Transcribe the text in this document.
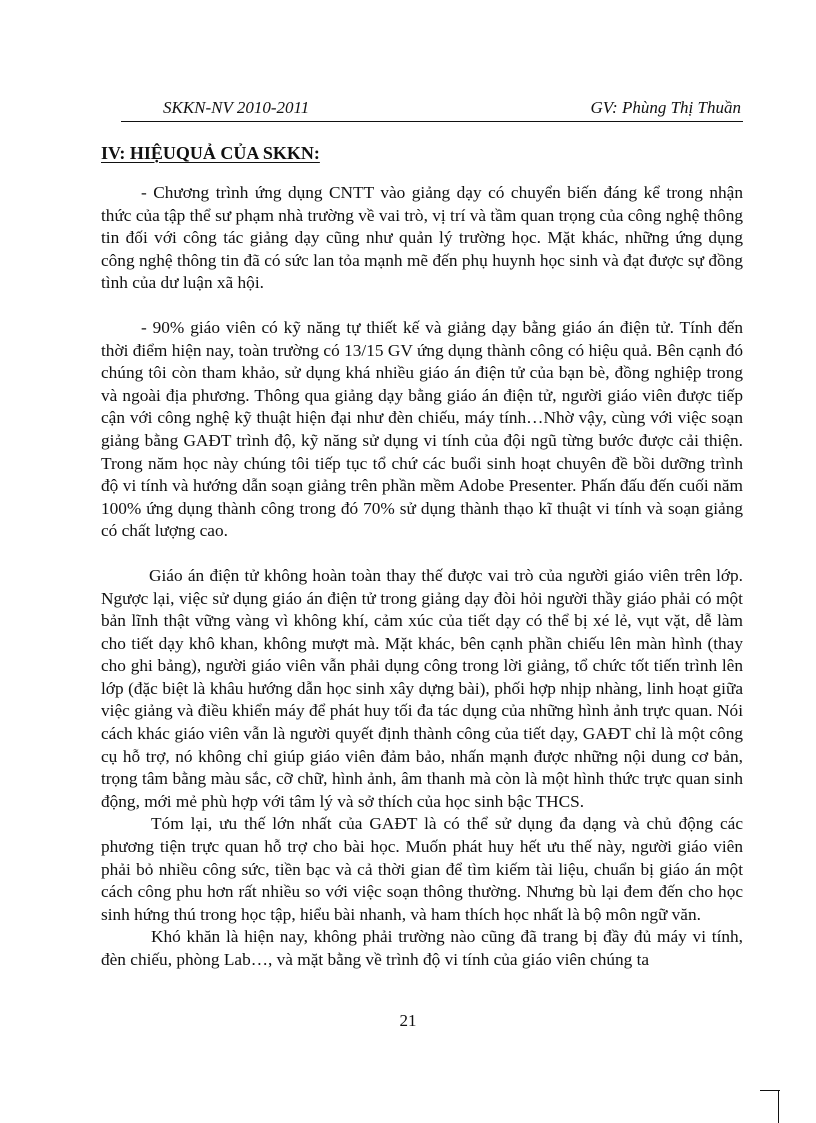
SKKN-NV 2010-2011	GV: Phùng Thị Thuần
IV: HIỆUQUẢ CỦA SKKN:

- Chương trình ứng dụng CNTT vào giảng dạy có chuyển biến đáng kể trong nhận thức của tập thể sư phạm nhà trường về vai trò, vị trí và tầm quan trọng của công nghệ thông tin đối với công tác giảng dạy cũng như quản lý trường học. Mặt khác, những ứng dụng công nghệ thông tin đã có sức lan tỏa mạnh mẽ đến phụ huynh học sinh và đạt được sự đồng tình của dư luận xã hội.

- 90% giáo viên có kỹ năng tự thiết kế và giảng dạy bằng giáo án điện tử. Tính đến thời điểm hiện nay, toàn trường có 13/15 GV ứng dụng thành công có hiệu quả. Bên cạnh đó chúng tôi còn tham khảo, sử dụng khá nhiều giáo án điện tử của bạn bè, đồng nghiệp trong và ngoài địa phương. Thông qua giảng dạy bằng giáo án điện tử, người giáo viên được tiếp cận với công nghệ kỹ thuật hiện đại như đèn chiếu, máy tính…Nhờ vậy, cùng với việc soạn giảng bằng GAĐT trình độ, kỹ năng sử dụng vi tính của đội ngũ từng bước được cải thiện. Trong năm học này chúng tôi tiếp tục tổ chứ các buổi sinh hoạt chuyên đề bồi dưỡng trình độ vi tính và hướng dẫn soạn giảng trên phần mềm Adobe Presenter. Phấn đấu đến cuối năm 100% ứng dụng thành công trong đó 70% sử dụng thành thạo kĩ thuật vi tính và soạn giảng có chất lượng cao.

Giáo án điện tử không hoàn toàn thay thế được vai trò của người giáo viên trên lớp. Ngược lại, việc sử dụng giáo án điện tử trong giảng dạy đòi hỏi người thầy giáo phải có một bản lĩnh thật vững vàng vì không khí, cảm xúc của tiết dạy có thể bị xé lẻ, vụt vặt, dễ làm cho tiết dạy khô khan, không mượt mà. Mặt khác, bên cạnh phần chiếu lên màn hình (thay cho ghi bảng), người giáo viên vẫn phải dụng công trong lời giảng, tổ chức tốt tiến trình lên lớp (đặc biệt là khâu hướng dẫn học sinh xây dựng bài), phối hợp nhịp nhàng, linh hoạt giữa việc giảng và điều khiển máy để phát huy tối đa tác dụng của những hình ảnh trực quan. Nói cách khác giáo viên vẫn là người quyết định thành công của tiết dạy, GAĐT chỉ là một công cụ hỗ trợ, nó không chỉ giúp giáo viên đảm bảo, nhấn mạnh được những nội dung cơ bản, trọng tâm bằng màu sắc, cỡ chữ, hình ảnh, âm thanh mà còn là một hình thức trực quan sinh động, mới mẻ phù hợp với tâm lý và sở thích của học sinh bậc THCS.

Tóm lại, ưu thế lớn nhất của GAĐT là có thể sử dụng đa dạng và chủ động các phương tiện trực quan hỗ trợ cho bài học. Muốn phát huy hết ưu thế này, người giáo viên phải bỏ nhiều công sức, tiền bạc và cả thời gian để tìm kiếm tài liệu, chuẩn bị giáo án một cách công phu hơn rất nhiều so với việc soạn thông thường. Nhưng bù lại đem đến cho học sinh hứng thú trong học tập, hiểu bài nhanh, và ham thích học nhất là bộ môn ngữ văn.

Khó khăn là hiện nay, không phải trường nào cũng đã trang bị đầy đủ máy vi tính, đèn chiếu, phòng Lab…, và mặt bằng về trình độ vi tính của giáo viên chúng ta

21
